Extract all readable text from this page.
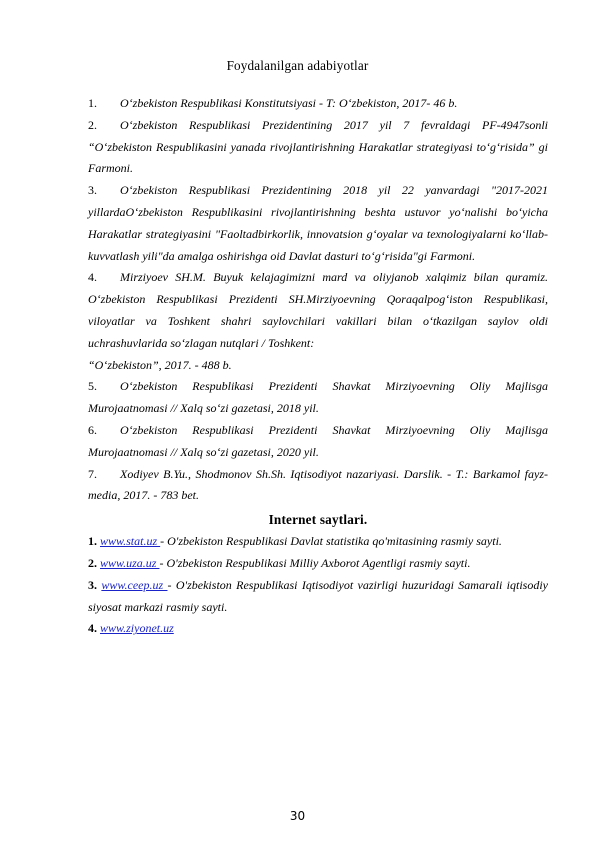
Foydalanilgan adabiyotlar

1. O‘zbekiston Respublikasi Konstitutsiyasi - T: O‘zbekiston, 2017- 46 b.

2. O‘zbekiston Respublikasi Prezidentining 2017 yil 7 fevraldagi PF-4947sonli “O‘zbekiston Respublikasini yanada rivojlantirishning Harakatlar strategiyasi to‘g‘risida” gi Farmoni.

3. O‘zbekiston Respublikasi Prezidentining 2018 yil 22 yanvardagi "2017-2021 yillardaO‘zbekiston Respublikasini rivojlantirishning beshta ustuvor yo‘nalishi bo‘yicha Harakatlar strategiyasini "Faoltadbirkorlik, innovatsion g‘oyalar va texnologiyalarni ko‘llab-kuvvatlash yili"da amalga oshirishga oid Davlat dasturi to‘g‘risida"gi Farmoni.

4. Mirziyoev SH.M. Buyuk kelajagimizni mard va oliyjanob xalqimiz bilan quramiz. O‘zbekiston Respublikasi Prezidenti SH.Mirziyoevning Qoraqalpog‘iston Respublikasi, viloyatlar va Toshkent shahri saylovchilari vakillari bilan o‘tkazilgan saylov oldi uchrashuvlarida so‘zlagan nutqlari / Toshkent:

“O‘zbekiston”, 2017. - 488 b.

5. O‘zbekiston Respublikasi Prezidenti Shavkat Mirziyoevning Oliy Majlisga Murojaatnomasi // Xalq so‘zi gazetasi, 2018 yil.

6. O‘zbekiston Respublikasi Prezidenti Shavkat Mirziyoevning Oliy Majlisga Murojaatnomasi // Xalq so‘zi gazetasi, 2020 yil.

7. Xodiyev B.Yu., Shodmonov Sh.Sh. Iqtisodiyot nazariyasi. Darslik. - T.: Barkamol fayz-media, 2017. - 783 bet.

Internet saytlari.

1. www.stat.uz - O'zbekiston Respublikasi Davlat statistika qo'mitasining rasmiy sayti.

2. www.uza.uz - O'zbekiston Respublikasi Milliy Axborot Agentligi rasmiy sayti.

3. www.ceep.uz - O'zbekiston Respublikasi Iqtisodiyot vazirligi huzuridagi Samarali iqtisodiy siyosat markazi rasmiy sayti.

4. www.ziyonet.uz

30
